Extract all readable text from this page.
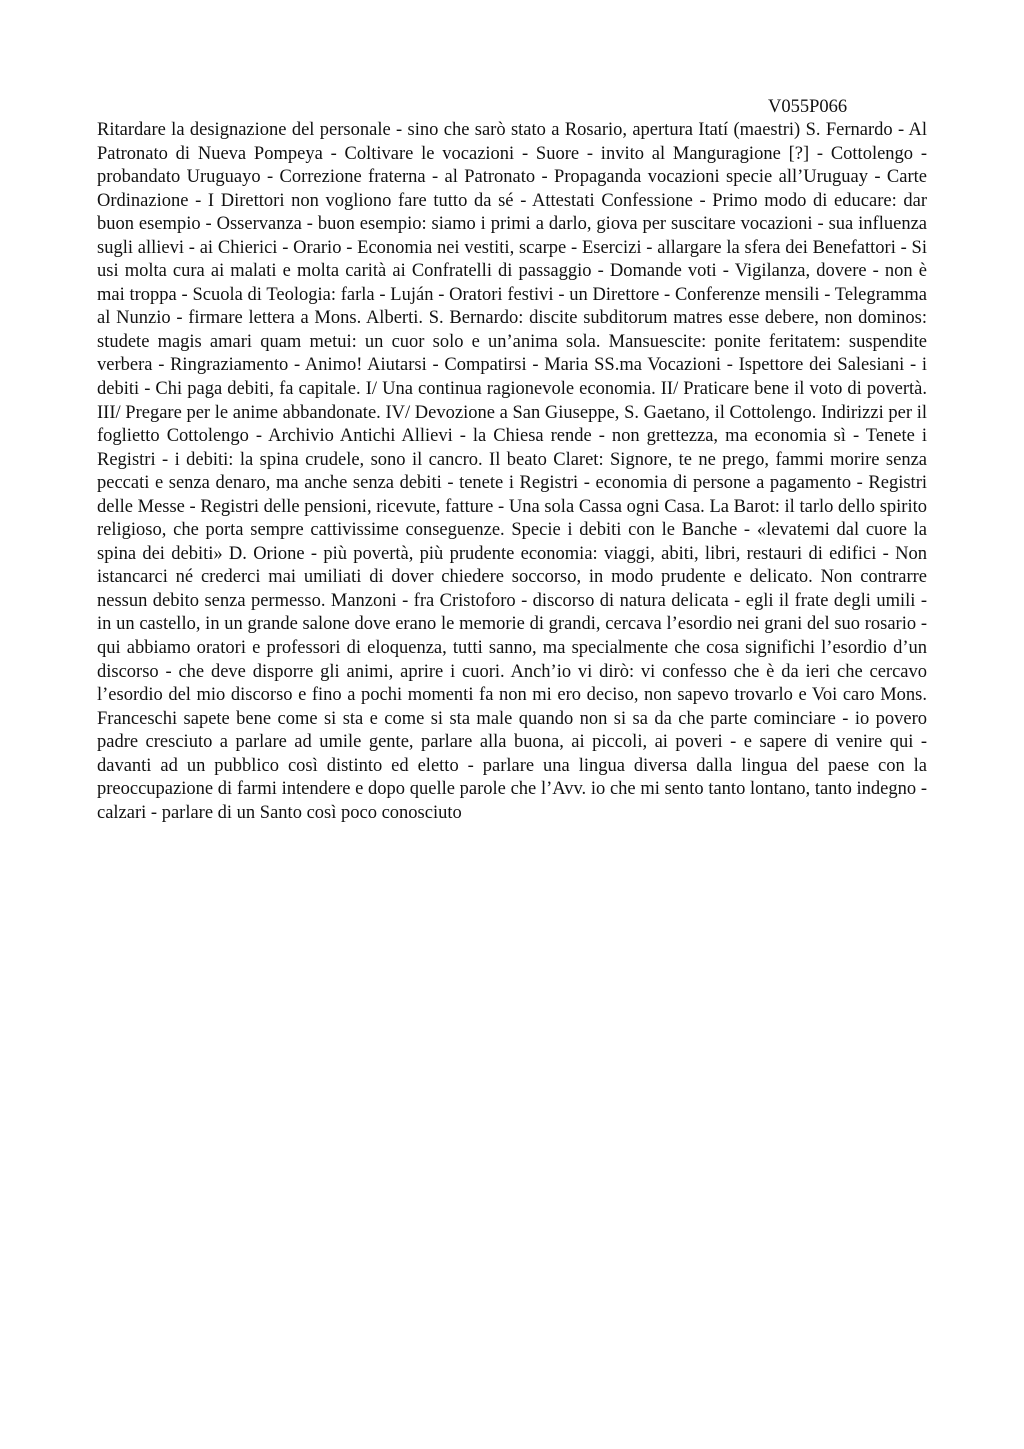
V055P066

Ritardare la designazione del personale - sino che sarò stato a Rosario, apertura Itatí (maestri) S. Fernardo - Al Patronato di Nueva Pompeya - Coltivare le vocazioni - Suore - invito al Manguragione [?] - Cottolengo - probandato Uruguayo - Correzione fraterna - al Patronato - Propaganda vocazioni specie all’Uruguay - Carte Ordinazione - I Direttori non vogliono fare tutto da sé - Attestati Confessione - Primo modo di educare: dar buon esempio - Osservanza - buon esempio: siamo i primi a darlo, giova per suscitare vocazioni - sua influenza sugli allievi - ai Chierici - Orario - Economia nei vestiti, scarpe - Esercizi - allargare la sfera dei Benefattori - Si usi molta cura ai malati e molta carità ai Confratelli di passaggio - Domande voti - Vigilanza, dovere - non è mai troppa - Scuola di Teologia: farla - Luján - Oratori festivi - un Direttore - Conferenze mensili - Telegramma al Nunzio - firmare lettera a Mons. Alberti. S. Bernardo: discite subditorum matres esse debere, non dominos: studete magis amari quam metui: un cuor solo e un’anima sola. Mansuescite: ponite feritatem: suspendite verbera - Ringraziamento - Animo! Aiutarsi - Compatirsi - Maria SS.ma Vocazioni - Ispettore dei Salesiani - i debiti - Chi paga debiti, fa capitale. I/ Una continua ragionevole economia. II/ Praticare bene il voto di povertà. III/ Pregare per le anime abbandonate. IV/ Devozione a San Giuseppe, S. Gaetano, il Cottolengo. Indirizzi per il foglietto Cottolengo - Archivio Antichi Allievi - la Chiesa rende - non grettezza, ma economia sì - Tenete i Registri - i debiti: la spina crudele, sono il cancro. Il beato Claret: Signore, te ne prego, fammi morire senza peccati e senza denaro, ma anche senza debiti - tenete i Registri - economia di persone a pagamento - Registri delle Messe - Registri delle pensioni, ricevute, fatture - Una sola Cassa ogni Casa. La Barot: il tarlo dello spirito religioso, che porta sempre cattivissime conseguenze. Specie i debiti con le Banche - «levatemi dal cuore la spina dei debiti» D. Orione - più povertà, più prudente economia: viaggi, abiti, libri, restauri di edifici - Non istancarci né crederci mai umiliati di dover chiedere soccorso, in modo prudente e delicato. Non contrarre nessun debito senza permesso. Manzoni - fra Cristoforo - discorso di natura delicata - egli il frate degli umili - in un castello, in un grande salone dove erano le memorie di grandi, cercava l’esordio nei grani del suo rosario - qui abbiamo oratori e professori di eloquenza, tutti sanno, ma specialmente che cosa significhi l’esordio d’un discorso - che deve disporre gli animi, aprire i cuori. Anch’io vi dirò: vi confesso che è da ieri che cercavo l’esordio del mio discorso e fino a pochi momenti fa non mi ero deciso, non sapevo trovarlo e Voi caro Mons. Franceschi sapete bene come si sta e come si sta male quando non si sa da che parte cominciare - io povero padre cresciuto a parlare ad umile gente, parlare alla buona, ai piccoli, ai poveri - e sapere di venire qui - davanti ad un pubblico così distinto ed eletto - parlare una lingua diversa dalla lingua del paese con la preoccupazione di farmi intendere e dopo quelle parole che l’Avv. io che mi sento tanto lontano, tanto indegno - calzari - parlare di un Santo così poco conosciuto
